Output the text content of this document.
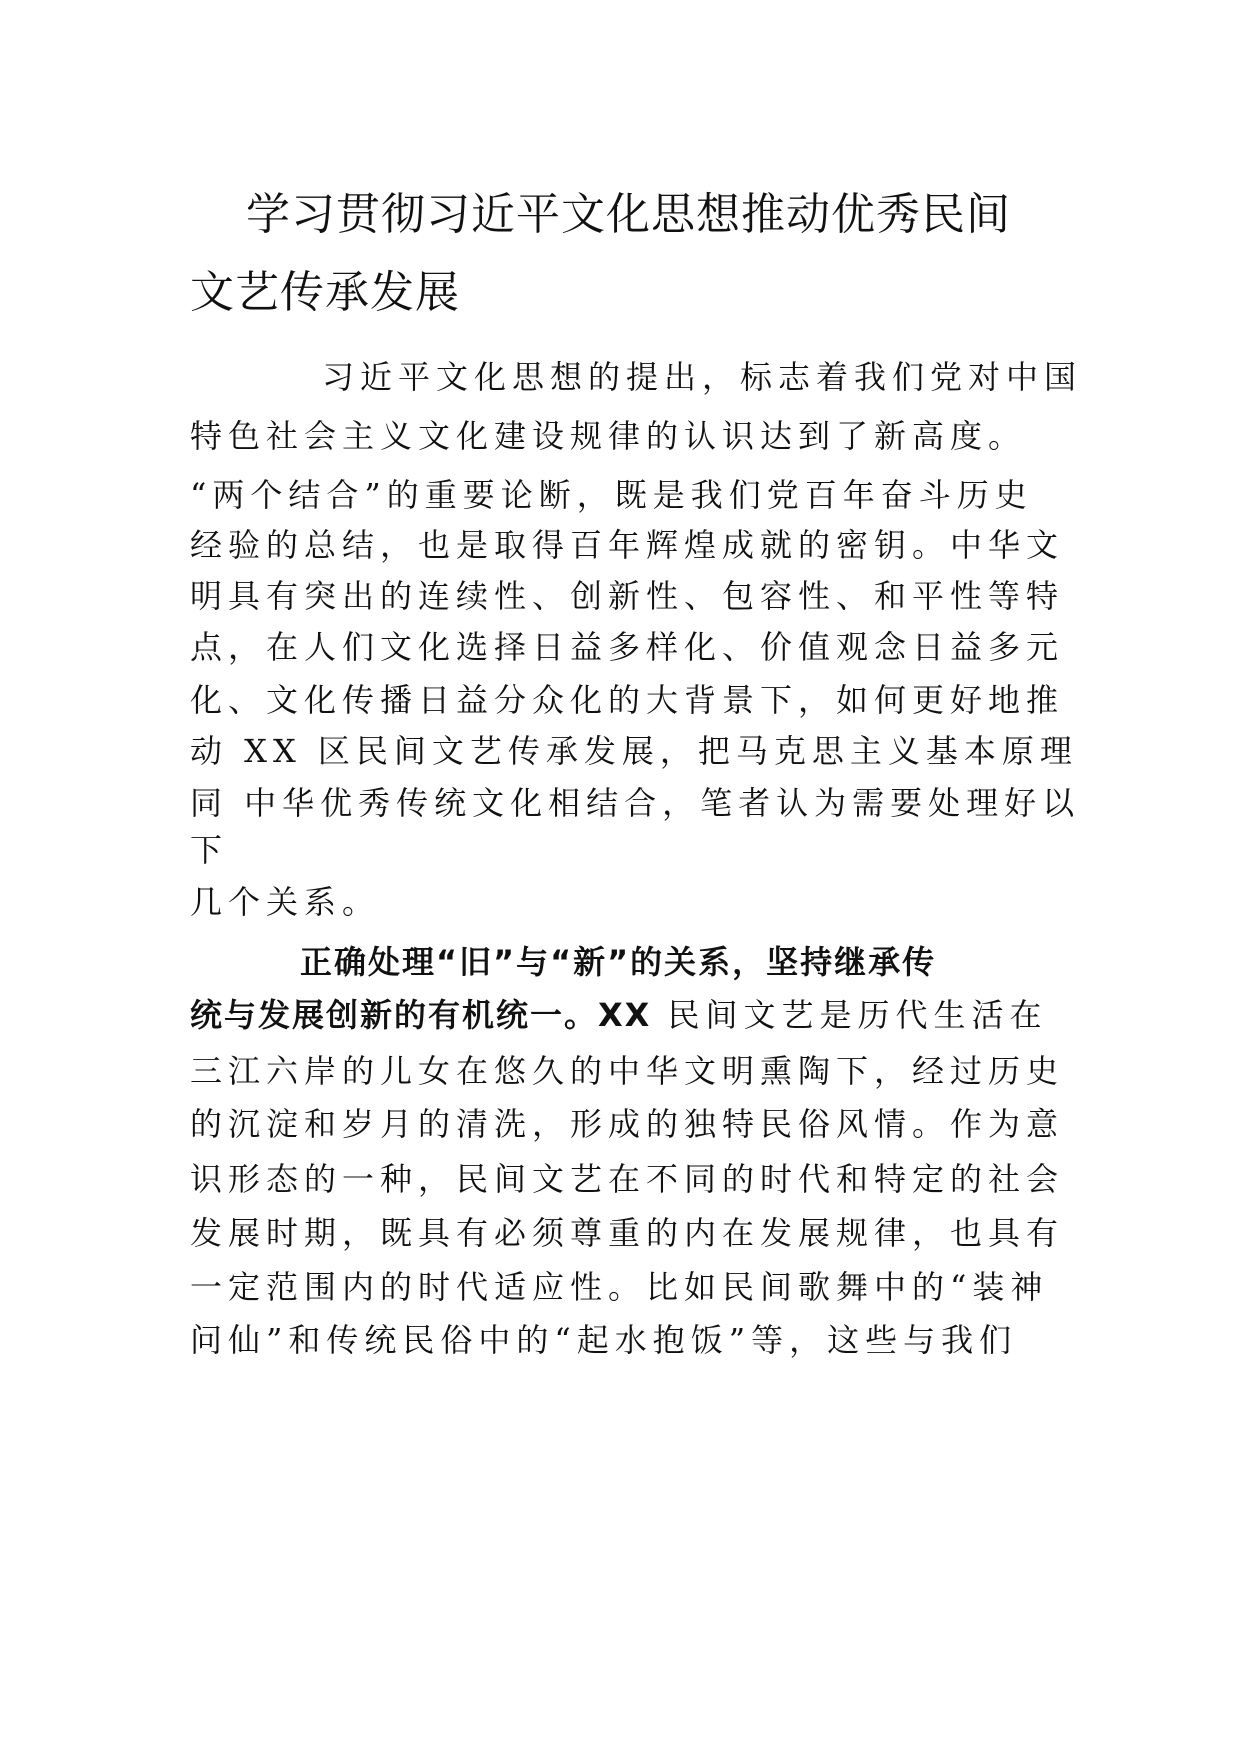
学习贯彻习近平文化思想推动优秀民间
文艺传承发展
习近平文化思想的提出，标志着我们党对中国
特色社会主义文化建设规律的认识达到了新高度。
“两个结合”的重要论断，既是我们党百年奋斗历史
经验的总结，也是取得百年辉煌成就的密钥。中华文
明具有突出的连续性、创新性、包容性、和平性等特
点，在人们文化选择日益多样化、价值观念日益多元
化、文化传播日益分众化的大背景下，如何更好地推
动 XX 区民间文艺传承发展，把马克思主义基本原理
同 中华优秀传统文化相结合，笔者认为需要处理好以
下
几个关系。
正确处理“旧”与“新”的关系，坚持继承传
统与发展创新的有机统一。XX 民间文艺是历代生活在
三江六岸的儿女在悠久的中华文明熏陶下，经过历史
的沉淀和岁月的清洗，形成的独特民俗风情。作为意
识形态的一种，民间文艺在不同的时代和特定的社会
发展时期，既具有必须尊重的内在发展规律，也具有
一定范围内的时代适应性。比如民间歌舞中的“装神
问仙”和传统民俗中的“起水抱饭”等，这些与我们
